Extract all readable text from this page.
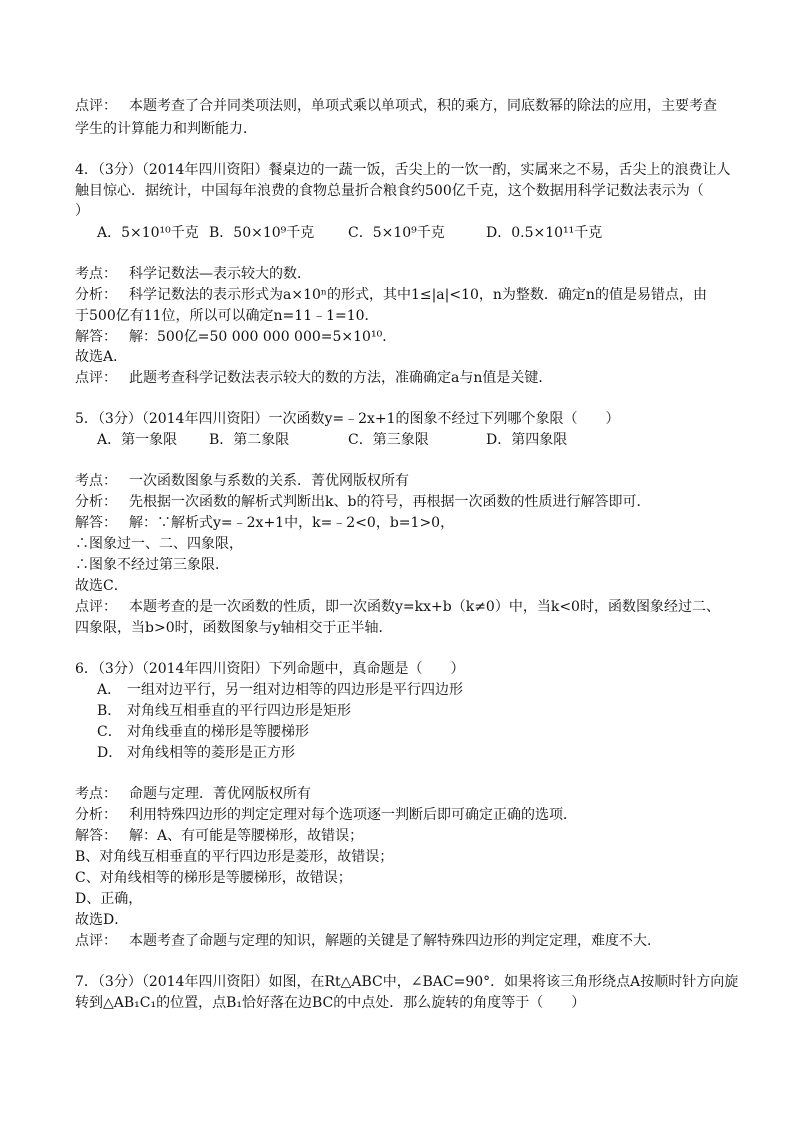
点评： 本题考查了合并同类项法则，单项式乘以单项式，积的乘方，同底数幂的除法的应用，主要考查
学生的计算能力和判断能力．
4．（3分）（2014年四川资阳）餐桌边的一蔬一饭，舌尖上的一饮一酌，实属来之不易，舌尖上的浪费让人
触目惊心．据统计，中国每年浪费的食物总量折合粮食约500亿千克，这个数据用科学记数法表示为（
）
A．5×10¹⁰千克 B．50×10⁹千克 C．5×10⁹千克	D．0.5×10¹¹千克
考点： 科学记数法—表示较大的数．
分析： 科学记数法的表示形式为a×10ⁿ的形式，其中1≤|a|<10，n为整数．确定n的值是易错点，由
于500亿有11位，所以可以确定n=11﹣1=10．
解答： 解：500亿=50 000 000 000=5×10¹⁰．
故选A．
点评： 此题考查科学记数法表示较大的数的方法，准确确定a与n值是关键．
5．（3分）（2014年四川资阳）一次函数y=﹣2x+1的图象不经过下列哪个象限（　　）
A．第一象限 B．第二象限	C．第三象限	D．第四象限
考点： 一次函数图象与系数的关系．菁优网版权所有
分析： 先根据一次函数的解析式判断出k、b的符号，再根据一次函数的性质进行解答即可．
解答： 解：∵解析式y=﹣2x+1中，k=﹣2<0，b=1>0，
∴图象过一、二、四象限，
∴图象不经过第三象限．
故选C．
点评： 本题考查的是一次函数的性质，即一次函数y=kx+b（k≠0）中，当k<0时，函数图象经过二、
四象限，当b>0时，函数图象与y轴相交于正半轴．
6．（3分）（2014年四川资阳）下列命题中，真命题是（　　）
A． 一组对边平行，另一组对边相等的四边形是平行四边形
B． 对角线互相垂直的平行四边形是矩形
C． 对角线垂直的梯形是等腰梯形
D． 对角线相等的菱形是正方形
考点： 命题与定理．菁优网版权所有
分析： 利用特殊四边形的判定定理对每个选项逐一判断后即可确定正确的选项．
解答： 解：A、有可能是等腰梯形，故错误；
B、对角线互相垂直的平行四边形是菱形，故错误；
C、对角线相等的梯形是等腰梯形，故错误；
D、正确，
故选D．
点评： 本题考查了命题与定理的知识，解题的关键是了解特殊四边形的判定定理，难度不大．
7．（3分）（2014年四川资阳）如图，在Rt△ABC中，∠BAC=90°．如果将该三角形绕点A按顺时针方向旋
转到△AB₁C₁的位置，点B₁恰好落在边BC的中点处．那么旋转的角度等于（　　）
